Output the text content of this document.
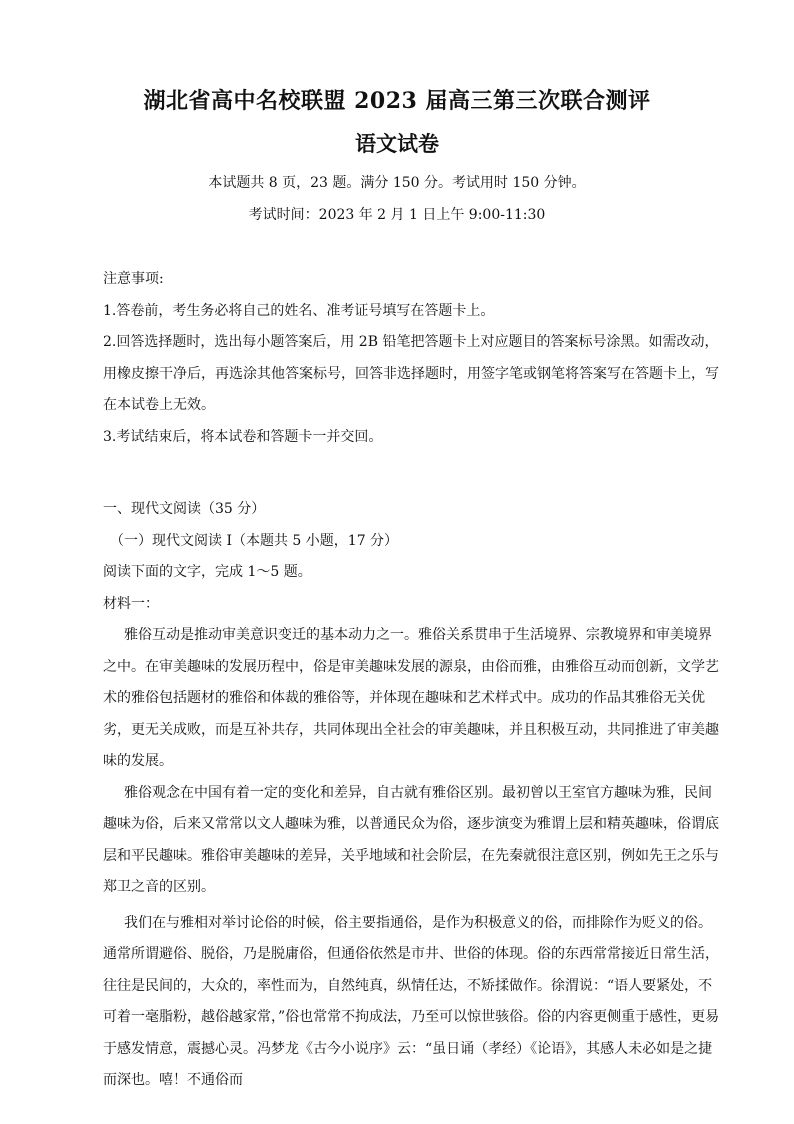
湖北省高中名校联盟 2023 届高三第三次联合测评
语文试卷
本试题共 8 页，23 题。满分 150 分。考试用时 150 分钟。
考试时间：2023 年 2 月 1 日上午 9:00-11:30

注意事项:

1.答卷前，考生务必将自己的姓名、准考证号填写在答题卡上。

2.回答选择题时，选出每小题答案后，用 2B 铅笔把答题卡上对应题目的答案标号涂黑。如需改动，用橡皮擦干净后，再选涂其他答案标号，回答非选择题时，用签字笔或钢笔将答案写在答题卡上，写在本试卷上无效。

3.考试结束后，将本试卷和答题卡一并交回。

一、现代文阅读（35 分）

（一）现代文阅读 I（本题共 5 小题，17 分）

阅读下面的文字，完成 1～5 题。

材料一：

雅俗互动是推动审美意识变迁的基本动力之一。雅俗关系贯串于生活境界、宗教境界和审美境界之中。在审美趣味的发展历程中，俗是审美趣味发展的源泉，由俗而雅，由雅俗互动而创新，文学艺术的雅俗包括题材的雅俗和体裁的雅俗等，并体现在趣味和艺术样式中。成功的作品其雅俗无关优劣，更无关成败，而是互补共存，共同体现出全社会的审美趣味，并且积极互动，共同推进了审美趣味的发展。

雅俗观念在中国有着一定的变化和差异，自古就有雅俗区别。最初曾以王室官方趣味为雅，民间趣味为俗，后来又常常以文人趣味为雅，以普通民众为俗，逐步演变为雅谓上层和精英趣味，俗谓底层和平民趣味。雅俗审美趣味的差异，关乎地域和社会阶层，在先秦就很注意区别，例如先王之乐与郑卫之音的区别。

我们在与雅相对举讨论俗的时候，俗主要指通俗，是作为积极意义的俗，而排除作为贬义的俗。通常所谓避俗、脱俗，乃是脱庸俗，但通俗依然是市井、世俗的体现。俗的东西常常接近日常生活，往往是民间的，大众的，率性而为，自然纯真，纵情任达，不矫揉做作。徐渭说：“语人要紧处，不可着一毫脂粉，越俗越家常，”俗也常常不拘成法，乃至可以惊世骇俗。俗的内容更侧重于感性，更易于感发情意，震撼心灵。冯梦龙《古今小说序》云：“虽日诵（孝经）《论语》，其感人未必如是之捷而深也。嘻！不通俗而
